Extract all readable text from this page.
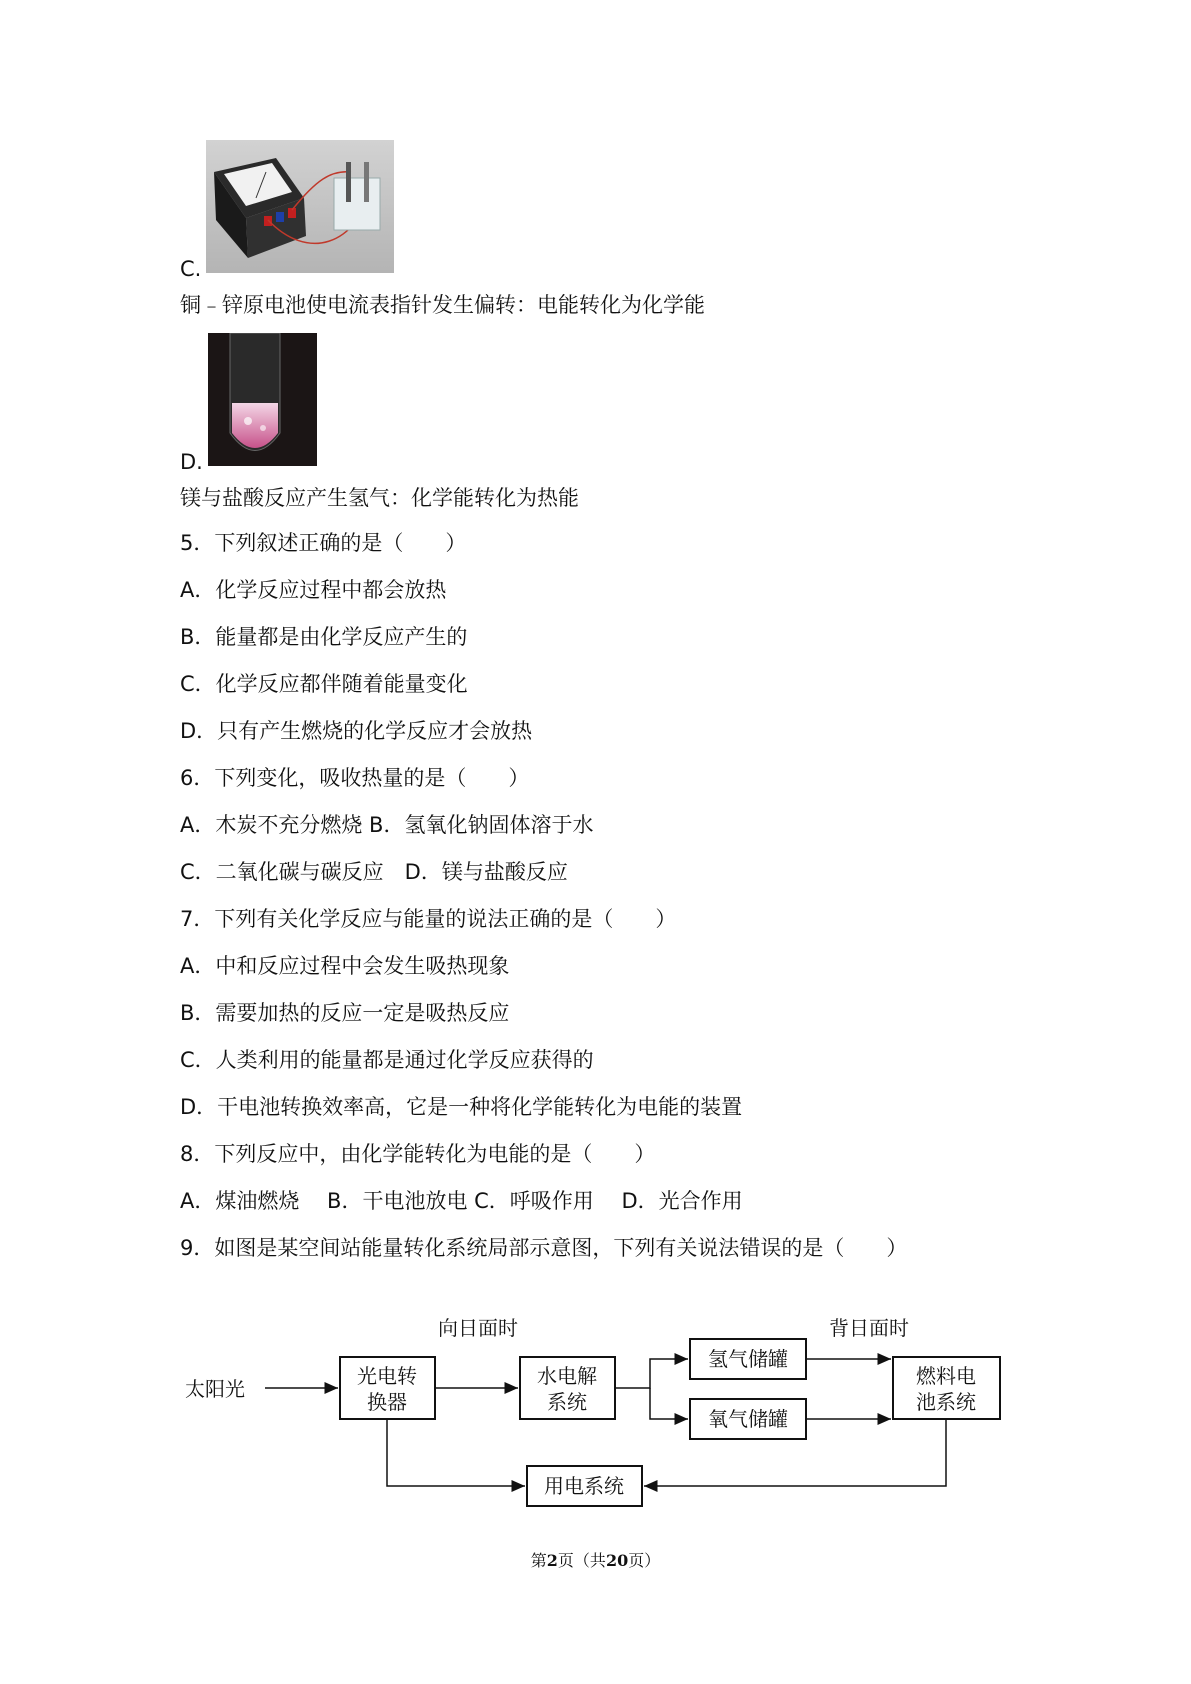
C.
铜﹣锌原电池使电流表指针发生偏转：电能转化为化学能
D.
镁与盐酸反应产生氢气：化学能转化为热能
5．下列叙述正确的是（　　）
A．化学反应过程中都会放热
B．能量都是由化学反应产生的
C．化学反应都伴随着能量变化
D．只有产生燃烧的化学反应才会放热
6．下列变化，吸收热量的是（　　）
A．木炭不充分燃烧 B．氢氧化钠固体溶于水
C．二氧化碳与碳反应　D．镁与盐酸反应
7．下列有关化学反应与能量的说法正确的是（　　）
A．中和反应过程中会发生吸热现象
B．需要加热的反应一定是吸热反应
C．人类利用的能量都是通过化学反应获得的
D．干电池转换效率高，它是一种将化学能转化为电能的装置
8．下列反应中，由化学能转化为电能的是（　　）
A．煤油燃烧　 B．干电池放电 C．呼吸作用　 D．光合作用
9．如图是某空间站能量转化系统局部示意图，下列有关说法错误的是（　　）
太阳光
向日面时	背日面时
光电转
换器
水电解
系统
氢气储罐
氧气储罐
燃料电
池系统
用电系统
第2页（共20页）
